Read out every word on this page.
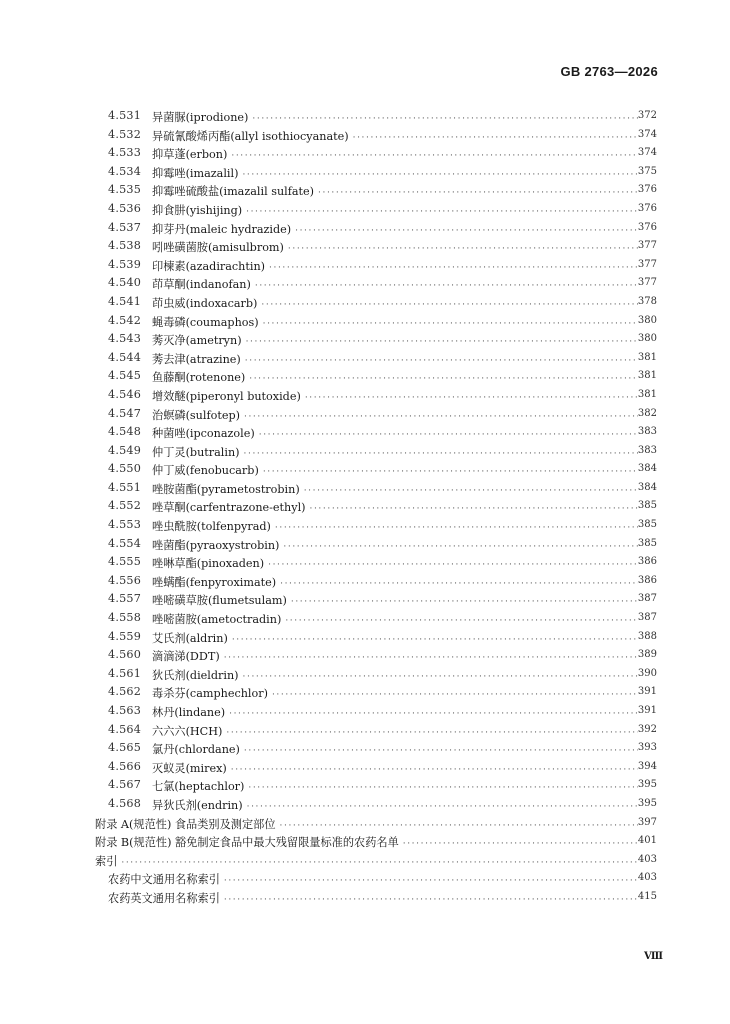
GB 2763—2026
4.531 异菌脲(iprodione) ·····	372
4.532 异硫氰酸烯丙酯(allyl isothiocyanate) ·····	374
4.533 抑草蓬(erbon) ·····	374
4.534 抑霉唑(imazalil) ·····	375
4.535 抑霉唑硫酸盐(imazalil sulfate) ·····	376
4.536 抑食肼(yishijing) ·····	376
4.537 抑芽丹(maleic hydrazide) ·····	376
4.538 吲唑磺菌胺(amisulbrom) ·····	377
4.539 印楝素(azadirachtin) ·····	377
4.540 茚草酮(indanofan) ·····	377
4.541 茚虫威(indoxacarb) ·····	378
4.542 蝇毒磷(coumaphos) ·····	380
4.543 莠灭净(ametryn) ·····	380
4.544 莠去津(atrazine) ·····	381
4.545 鱼藤酮(rotenone) ·····	381
4.546 增效醚(piperonyl butoxide) ·····	381
4.547 治螟磷(sulfotep) ·····	382
4.548 种菌唑(ipconazole) ·····	383
4.549 仲丁灵(butralin) ·····	383
4.550 仲丁威(fenobucarb) ·····	384
4.551 唑胺菌酯(pyrametostrobin) ·····	384
4.552 唑草酮(carfentrazone-ethyl) ·····	385
4.553 唑虫酰胺(tolfenpyrad) ·····	385
4.554 唑菌酯(pyraoxystrobin) ·····	385
4.555 唑啉草酯(pinoxaden) ·····	386
4.556 唑螨酯(fenpyroximate) ·····	386
4.557 唑嘧磺草胺(flumetsulam) ·····	387
4.558 唑嘧菌胺(ametoctradin) ·····	387
4.559 艾氏剂(aldrin) ·····	388
4.560 滴滴涕(DDT) ·····	389
4.561 狄氏剂(dieldrin) ·····	390
4.562 毒杀芬(camphechlor) ·····	391
4.563 林丹(lindane) ·····	391
4.564 六六六(HCH) ·····	392
4.565 氯丹(chlordane) ·····	393
4.566 灭蚁灵(mirex) ·····	394
4.567 七氯(heptachlor) ·····	395
4.568 异狄氏剂(endrin) ·····	395
附录 A(规范性) 食品类别及测定部位 ·····	397
附录 B(规范性) 豁免制定食品中最大残留限量标准的农药名单 ·····	401
索引 ·····	403
农药中文通用名称索引 ·····	403
农药英文通用名称索引 ·····	415
Ⅷ
